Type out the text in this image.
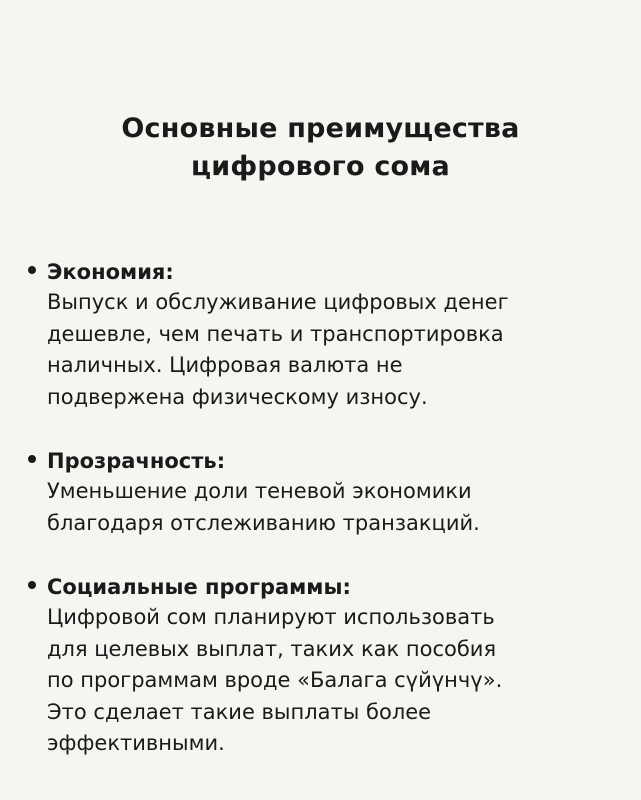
Основные преимущества
цифрового сома
Экономия:
Выпуск и обслуживание цифровых денег
дешевле, чем печать и транспортировка
наличных. Цифровая валюта не
подвержена физическому износу.
Прозрачность:
Уменьшение доли теневой экономики
благодаря отслеживанию транзакций.
Социальные программы:
Цифровой сом планируют использовать
для целевых выплат, таких как пособия
по программам вроде «Балага сүйүнчү».
Это сделает такие выплаты более
эффективными.
